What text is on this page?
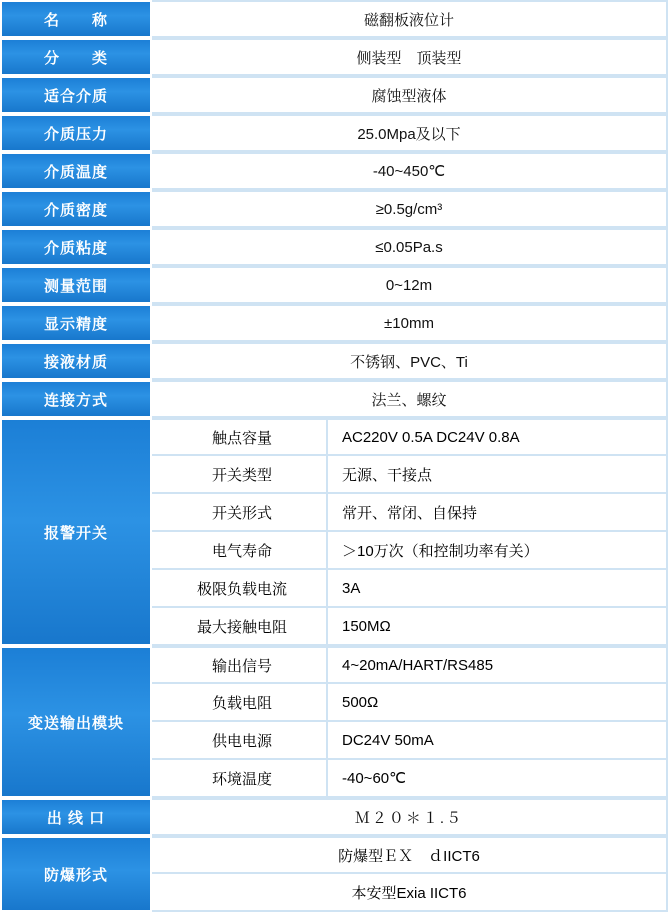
名　　称	磁翻板液位计
分　　类	侧装型　顶装型
适合介质	腐蚀型液体
介质压力	25.0Mpa及以下
介质温度	-40~450℃
介质密度	≥0.5g/cm³
介质粘度	≤0.05Pa.s
测量范围	0~12m
显示精度	±10mm
接液材质	不锈钢、PVC、Ti
连接方式	法兰、螺纹
报警开关	
触点容量	AC220V 0.5A DC24V 0.8A
开关类型	无源、干接点
开关形式	常开、常闭、自保持
电气寿命	＞10万次（和控制功率有关）
极限负载电流	3A
最大接触电阻	150MΩ

变送输出模块	
输出信号	4~20mA/HART/RS485
负载电阻	500Ω
供电电源	DC24V 50mA
环境温度	-40~60℃

出 线 口	Ｍ２０＊１.５
防爆形式	
防爆型ＥＸ　ｄIICT6
本安型Exia IICT6
